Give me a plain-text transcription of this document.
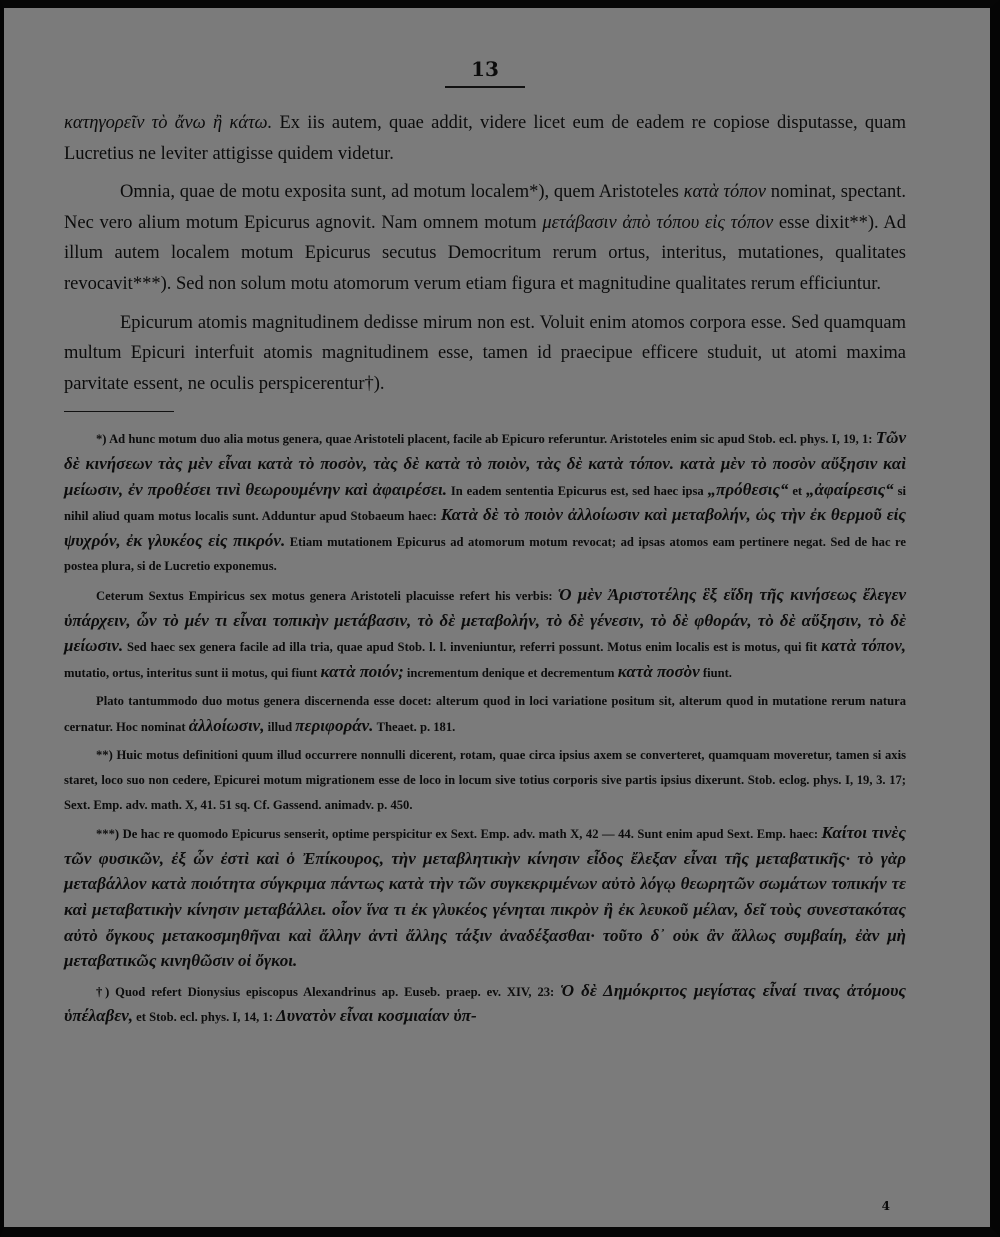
13

κατηγορεῖν τὸ ἄνω ἢ κάτω. Ex iis autem, quae addit, videre licet eum de eadem re copiose disputasse, quam Lucretius ne leviter attigisse quidem videtur.

Omnia, quae de motu exposita sunt, ad motum localem*), quem Aristoteles κατὰ τόπον nominat, spectant. Nec vero alium motum Epicurus agnovit. Nam omnem motum μετάβασιν ἀπὸ τόπου εἰς τόπον esse dixit**). Ad illum autem localem motum Epicurus secutus Democritum rerum ortus, interitus, mutationes, qualitates revocavit***). Sed non solum motu atomorum verum etiam figura et magnitudine qualitates rerum efficiuntur.

Epicurum atomis magnitudinem dedisse mirum non est. Voluit enim atomos corpora esse. Sed quamquam multum Epicuri interfuit atomis magnitudinem esse, tamen id praecipue efficere studuit, ut atomi maxima parvitate essent, ne oculis perspicerentur†).

*) Ad hunc motum duo alia motus genera, quae Aristoteli placent, facile ab Epicuro referuntur. Aristoteles enim sic apud Stob. ecl. phys. I, 19, 1: Τῶν δὲ κινήσεων τὰς μὲν εἶναι κατὰ τὸ ποσὸν, τὰς δὲ κατὰ τὸ ποιὸν, τὰς δὲ κατὰ τόπον. κατὰ μὲν τὸ ποσὸν αὔξησιν καὶ μείωσιν, ἐν προθέσει τινὶ θεωρουμένην καὶ ἀφαιρέσει. In eadem sententia Epicurus est, sed haec ipsa „πρόθεσις“ et „ἀφαίρεσις“ si nihil aliud quam motus localis sunt. Adduntur apud Stobaeum haec: Κατὰ δὲ τὸ ποιὸν ἀλλοίωσιν καὶ μεταβολήν, ὡς τὴν ἐκ θερμοῦ εἰς ψυχρόν, ἐκ γλυκέος εἰς πικρόν. Etiam mutationem Epicurus ad atomorum motum revocat; ad ipsas atomos eam pertinere negat. Sed de hac re postea plura, si de Lucretio exponemus.

Ceterum Sextus Empiricus sex motus genera Aristoteli placuisse refert his verbis: Ὁ μὲν Ἀριστοτέλης ἓξ εἴδη τῆς κινήσεως ἔλεγεν ὑπάρχειν, ὧν τὸ μέν τι εἶναι τοπικὴν μετάβασιν, τὸ δὲ μεταβολήν, τὸ δὲ γένεσιν, τὸ δὲ φθοράν, τὸ δὲ αὔξησιν, τὸ δὲ μείωσιν. Sed haec sex genera facile ad illa tria, quae apud Stob. l. l. inveniuntur, referri possunt. Motus enim localis est is motus, qui fit κατὰ τόπον, mutatio, ortus, interitus sunt ii motus, qui fiunt κατὰ ποιόν; incrementum denique et decrementum κατὰ ποσὸν fiunt.

Plato tantummodo duo motus genera discernenda esse docet: alterum quod in loci variatione positum sit, alterum quod in mutatione rerum natura cernatur. Hoc nominat ἀλλοίωσιν, illud περιφοράν. Theaet. p. 181.

**) Huic motus definitioni quum illud occurrere nonnulli dicerent, rotam, quae circa ipsius axem se converteret, quamquam moveretur, tamen si axis staret, loco suo non cedere, Epicurei motum migrationem esse de loco in locum sive totius corporis sive partis ipsius dixerunt. Stob. eclog. phys. I, 19, 3. 17; Sext. Emp. adv. math. X, 41. 51 sq. Cf. Gassend. animadv. p. 450.

***) De hac re quomodo Epicurus senserit, optime perspicitur ex Sext. Emp. adv. math X, 42 — 44. Sunt enim apud Sext. Emp. haec: Καίτοι τινὲς τῶν φυσικῶν, ἐξ ὧν ἐστὶ καὶ ὁ Ἐπίκουρος, τὴν μεταβλητικὴν κίνησιν εἶδος ἔλεξαν εἶναι τῆς μεταβατικῆς· τὸ γὰρ μεταβάλλον κατὰ ποιότητα σύγκριμα πάντως κατὰ τὴν τῶν συγκεκριμένων αὐτὸ λόγῳ θεωρητῶν σωμάτων τοπικήν τε καὶ μεταβατικὴν κίνησιν μεταβάλλει. οἷον ἵνα τι ἐκ γλυκέος γένηται πικρὸν ἢ ἐκ λευκοῦ μέλαν, δεῖ τοὺς συνεστακότας αὐτὸ ὄγκους μετακοσμηθῆναι καὶ ἄλλην ἀντὶ ἄλλης τάξιν ἀναδέξασθαι· τοῦτο δ᾽ οὐκ ἂν ἄλλως συμβαίη, ἐὰν μὴ μεταβατικῶς κινηθῶσιν οἱ ὄγκοι.

†) Quod refert Dionysius episcopus Alexandrinus ap. Euseb. praep. ev. XIV, 23: Ὁ δὲ Δημόκριτος μεγίστας εἶναί τινας ἀτόμους ὑπέλαβεν, et Stob. ecl. phys. I, 14, 1: Δυνατὸν εἶναι κοσμιαίαν ὑπ-

4
